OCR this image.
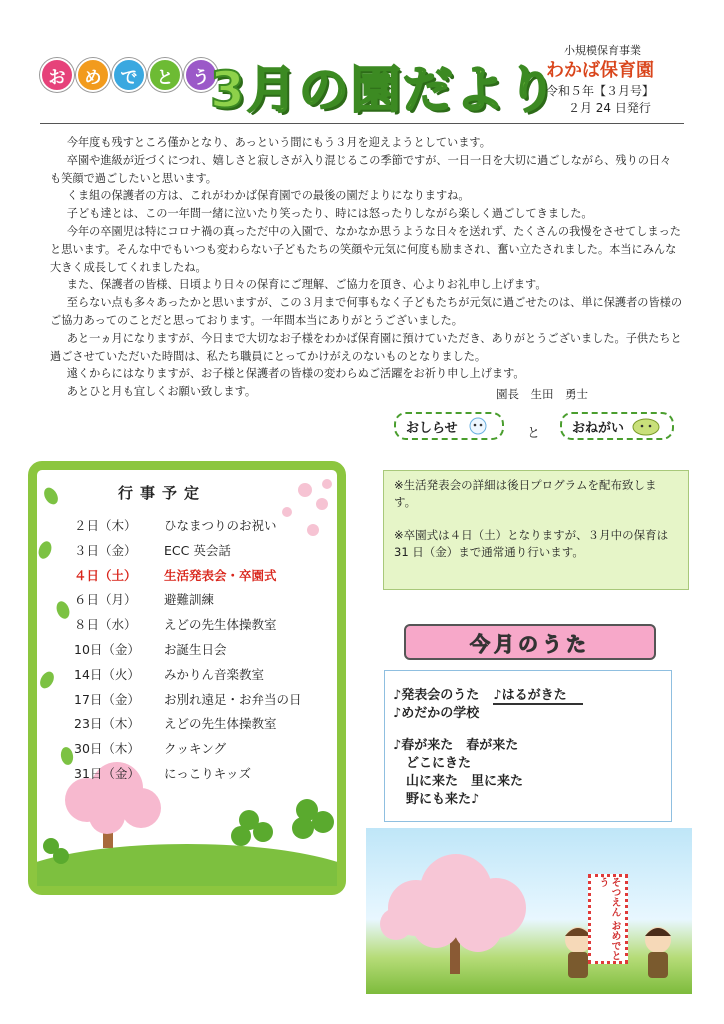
お	め	で	と	う 3月の園だより
小規模保育事業
わかば保育園
令和５年【３月号】
２月 24 日発行

今年度も残すところ僅かとなり、あっという間にもう３月を迎えようとしています。

卒園や進級が近づくにつれ、嬉しさと寂しさが入り混じるこの季節ですが、一日一日を大切に過ごしながら、残りの日々も笑顔で過ごしたいと思います。

くま組の保護者の方は、これがわかば保育園での最後の園だよりになりますね。

子ども達とは、この一年間一緒に泣いたり笑ったり、時には怒ったりしながら楽しく過ごしてきました。

今年の卒園児は特にコロナ禍の真っただ中の入園で、なかなか思うような日々を送れず、たくさんの我慢をさせてしまったと思います。そんな中でもいつも変わらない子どもたちの笑顔や元気に何度も励まされ、奮い立たされました。本当にみんな大きく成長してくれましたね。

また、保護者の皆様、日頃より日々の保育にご理解、ご協力を頂き、心よりお礼申し上げます。

至らない点も多々あったかと思いますが、この３月まで何事もなく子どもたちが元気に過ごせたのは、単に保護者の皆様のご協力あってのことだと思っております。一年間本当にありがとうございました。

あと一ヵ月になりますが、今日まで大切なお子様をわかば保育園に預けていただき、ありがとうございました。子供たちと過ごさせていただいた時間は、私たち職員にとってかけがえのないものとなりました。

遠くからにはなりますが、お子様と保護者の皆様の変わらぬご活躍をお祈り申し上げます。

あとひと月も宜しくお願い致します。	園長　生田　勇士
おしらせ	と おねがい
行事予定
２日（木）	ひなまつりのお祝い
３日（金）	ECC 英会話
４日（土）	生活発表会・卒園式
６日（月）	避難訓練
８日（水）	えどの先生体操教室
10日（金）	お誕生日会
14日（火）	みかりん音楽教室
17日（金）	お別れ遠足・お弁当の日
23日（木）	えどの先生体操教室
30日（木）	クッキング
31日（金）	にっこりキッズ

※生活発表会の詳細は後日プログラムを配布致します。

※卒園式は４日（土）となりますが、３月中の保育は 31 日（金）まで通常通り行います。

今月のうた
♪発表会のうた ♪はるがきた
♪めだかの学校
♪春が来た　春が来た
　どこにきた
　山に来た　里に来た
　野にも来た♪
そつえん おめでとう
